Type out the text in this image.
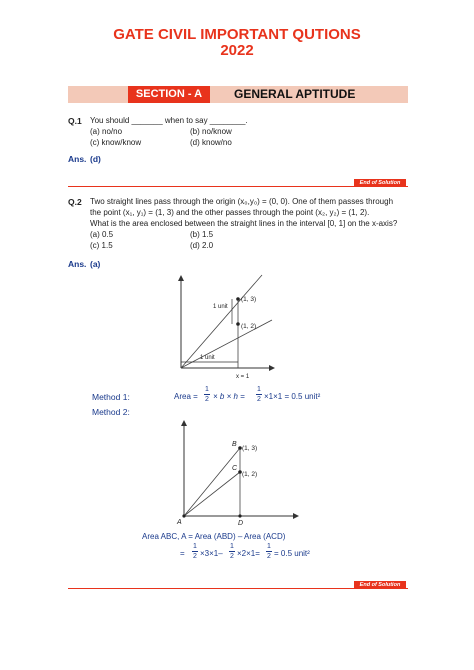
GATE CIVIL IMPORTANT QUTIONS
2022
SECTION - A	GENERAL APTITUDE
Q.1 You should _______ when to say ________.
(a) no/no	(b) no/know
(c) know/know	(d) know/no
Ans. (d)
End of Solution
Q.2 Two straight lines pass through the origin (x₀,y₀) = (0, 0). One of them passes through
the point (x₁, y₁) = (1, 3) and the other passes through the point (x₂, y₂) = (1, 2).
What is the area enclosed between the straight lines in the interval [0, 1] on the x-axis?
(a) 0.5	(b) 1.5
(c) 1.5	(d) 2.0
Ans. (a)
(1, 3)
(1, 2)
1 unit
1 unit
x = 1
Method 1:	Area =
1
2 × b × h =
1
2 ×1×1 = 0.5 unit²
Method 2:
B
C
A	D
(1, 3)
(1, 2)
Area ABC, A = Area (ABD) – Area (ACD)
=
1
2 ×3×1–
1
2 ×2×1=
1
2 = 0.5 unit²
End of Solution
